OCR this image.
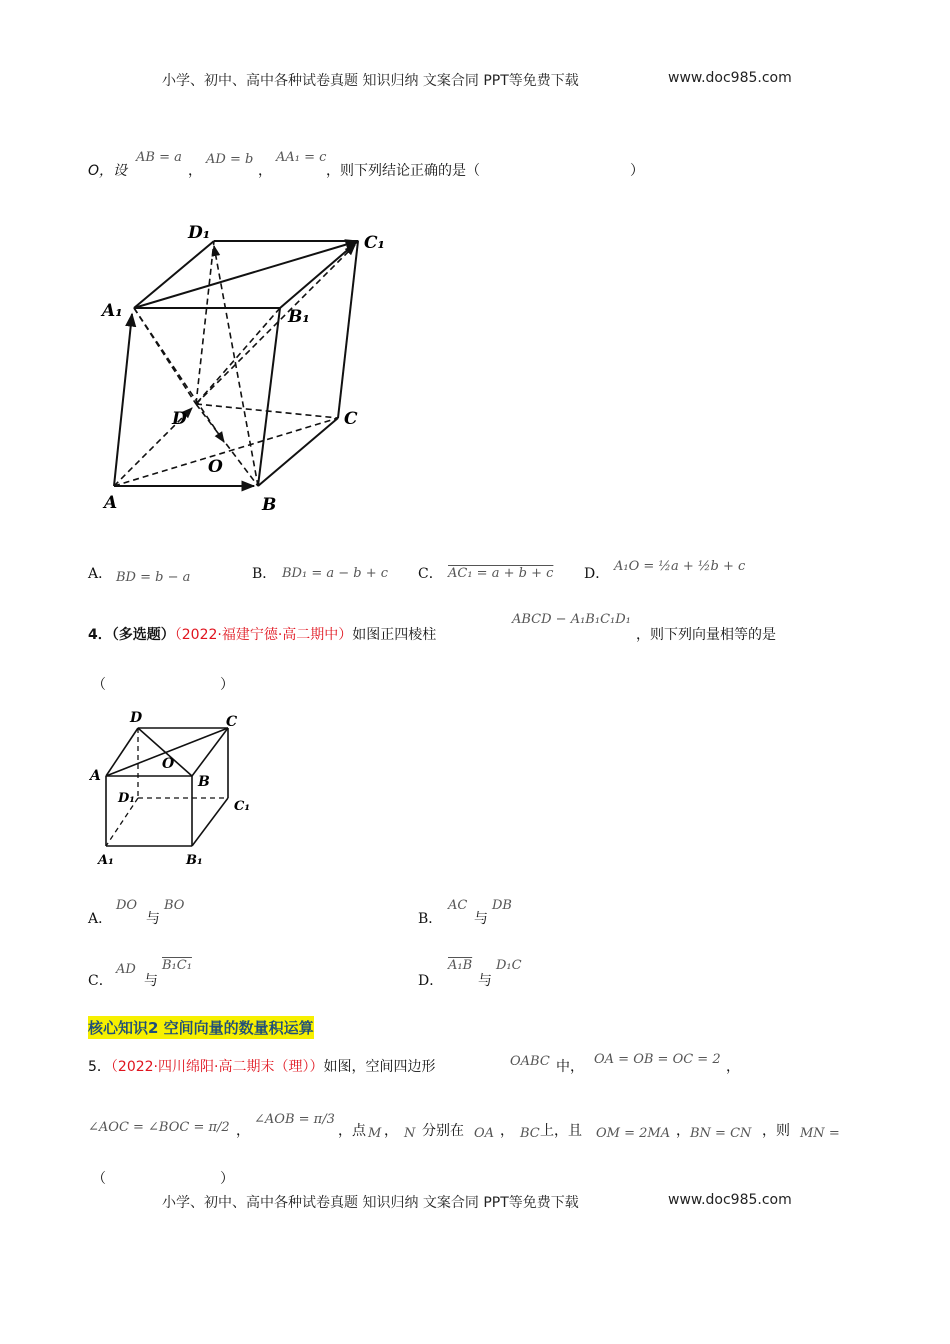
小学、初中、高中各种试卷真题 知识归纳 文案合同 PPT等免费下载	www.doc985.com
O，设
AB = a
，
AD = b
，
AA₁ = c
，则下列结论正确的是（	）
D₁	C₁
A₁	B₁
D	C
O
A	B
A． BD = b − a	B． BD₁ = a − b + c C． AC₁ = a + b + c D． A₁O = ½a + ½b + c
4．（多选题）（2022·福建宁德·高二期中）如图正四棱柱
ABCD − A₁B₁C₁D₁
，则下列向量相等的是
（	）
D	C
A
O
B
D₁
C₁
A₁	B₁
A．
DO
与
BO
B．
AC
与
DB
C．
AD
与
B₁C₁
D．
A₁B
与
D₁C
核心知识2 空间向量的数量积运算
5．（2022·四川绵阳·高二期末（理））如图，空间四边形	OABC 中， OA = OB = OC = 2 ，
∠AOC = ∠BOC = π/2 ，
∠AOB = π/3
，点 M ， N 分别在 OA ， BC 上，且 OM = 2MA ， BN = CN ，则 MN =
（	）
小学、初中、高中各种试卷真题 知识归纳 文案合同 PPT等免费下载	www.doc985.com
